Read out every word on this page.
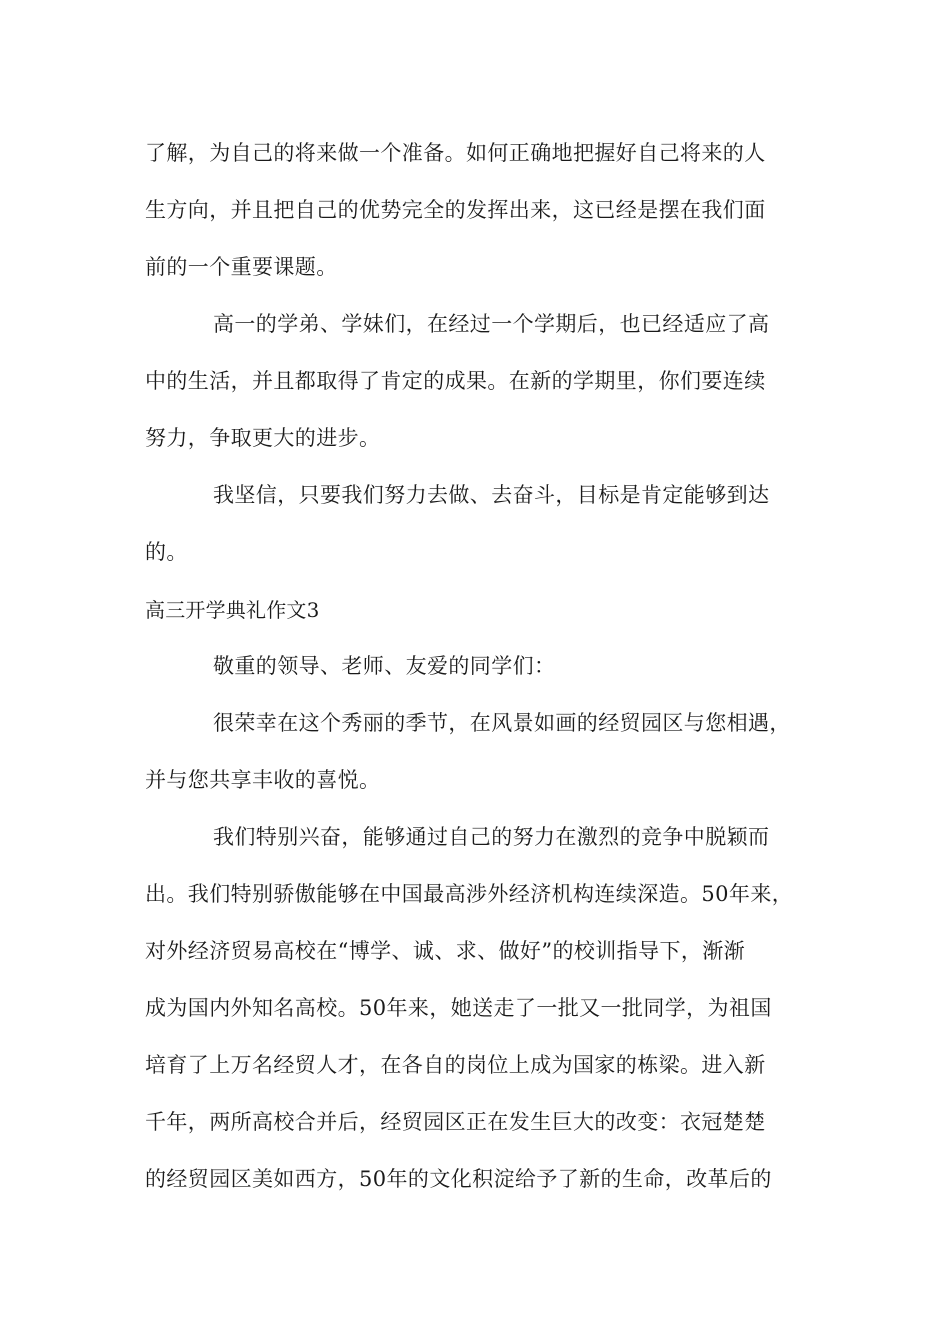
了解，为自己的将来做一个准备。如何正确地把握好自己将来的人
生方向，并且把自己的优势完全的发挥出来，这已经是摆在我们面
前的一个重要课题。
高一的学弟、学妹们，在经过一个学期后，也已经适应了高
中的生活，并且都取得了肯定的成果。在新的学期里，你们要连续
努力，争取更大的进步。
我坚信，只要我们努力去做、去奋斗，目标是肯定能够到达
的。
高三开学典礼作文3
敬重的领导、老师、友爱的同学们：
很荣幸在这个秀丽的季节，在风景如画的经贸园区与您相遇，
并与您共享丰收的喜悦。
我们特别兴奋，能够通过自己的努力在激烈的竞争中脱颖而
出。我们特别骄傲能够在中国最高涉外经济机构连续深造。50年来，
对外经济贸易高校在“博学、诚、求、做好”的校训指导下，渐渐
成为国内外知名高校。50年来，她送走了一批又一批同学，为祖国
培育了上万名经贸人才，在各自的岗位上成为国家的栋梁。进入新
千年，两所高校合并后，经贸园区正在发生巨大的改变：衣冠楚楚
的经贸园区美如西方，50年的文化积淀给予了新的生命，改革后的
